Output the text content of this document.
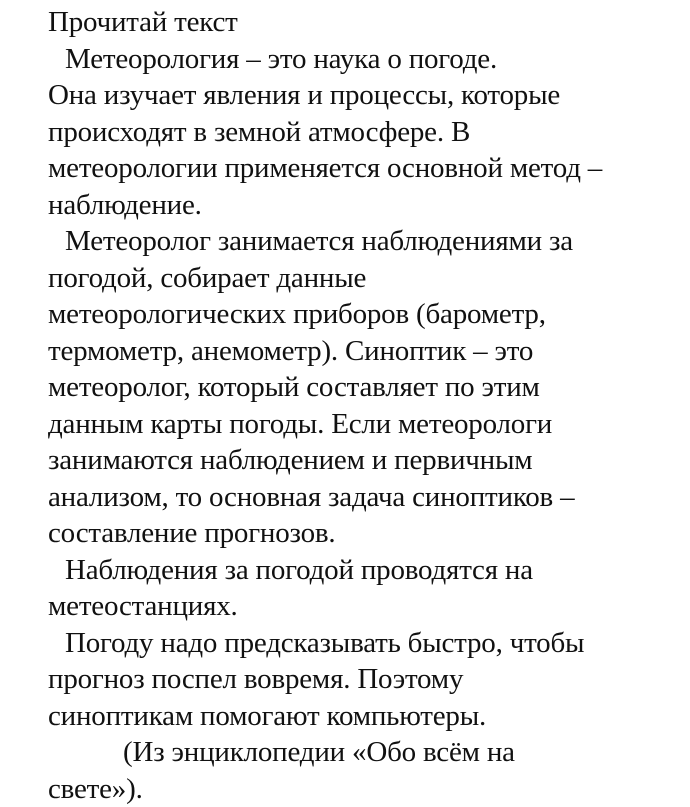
Прочитай текст
Метеорология – это наука о погоде.
Она изучает явления и процессы, которые
происходят в земной атмосфере. В
метеорологии применяется основной метод –
наблюдение.
Метеоролог занимается наблюдениями за
погодой, собирает данные
метеорологических приборов (барометр,
термометр, анемометр). Синоптик – это
метеоролог, который составляет по этим
данным карты погоды. Если метеорологи
занимаются наблюдением и первичным
анализом, то основная задача синоптиков –
составление прогнозов.
Наблюдения за погодой проводятся на
метеостанциях.
Погоду надо предсказывать быстро, чтобы
прогноз поспел вовремя. Поэтому
синоптикам помогают компьютеры.
(Из энциклопедии «Обо всём на
свете»).
